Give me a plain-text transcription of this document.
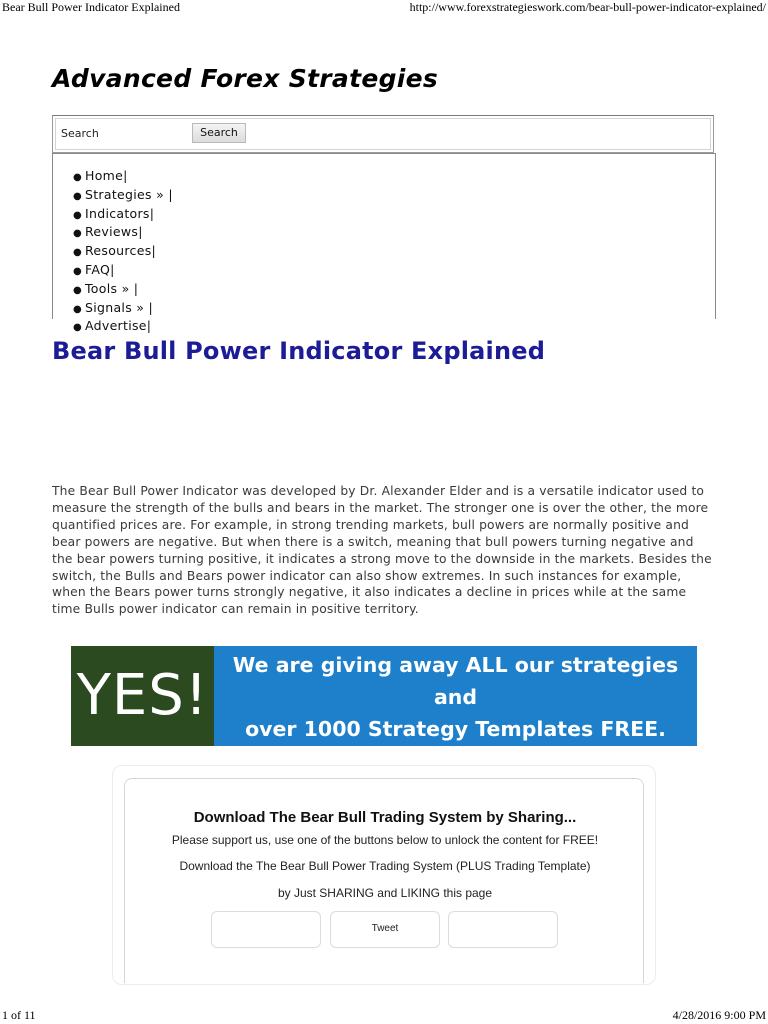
Bear Bull Power Indicator Explained	http://www.forexstrategieswork.com/bear-bull-power-indicator-explained/
Advanced Forex Strategies
Search
Search
● Home|
● Strategies » |
● Indicators|
● Reviews|
● Resources|
● FAQ|
● Tools » |
● Signals » |
● Advertise|
Bear Bull Power Indicator Explained

The Bear Bull Power Indicator was developed by Dr. Alexander Elder and is a versatile indicator used to measure the strength of the bulls and bears in the market. The stronger one is over the other, the more quantified prices are. For example, in strong trending markets, bull powers are normally positive and bear powers are negative. But when there is a switch, meaning that bull powers turning negative and the bear powers turning positive, it indicates a strong move to the downside in the markets. Besides the switch, the Bulls and Bears power indicator can also show extremes. In such instances for example, when the Bears power turns strongly negative, it also indicates a decline in prices while at the same time Bulls power indicator can remain in positive territory.

YES!	We are giving away ALL our strategies and
over 1000 Strategy Templates FREE.
Click Here to DOWNLOAD it ALL
Download The Bear Bull Trading System by Sharing...
Please support us, use one of the buttons below to unlock the content for FREE!
Download the The Bear Bull Power Trading System (PLUS Trading Template)
by Just SHARING and LIKING this page
Tweet
1 of 11	4/28/2016 9:00 PM
